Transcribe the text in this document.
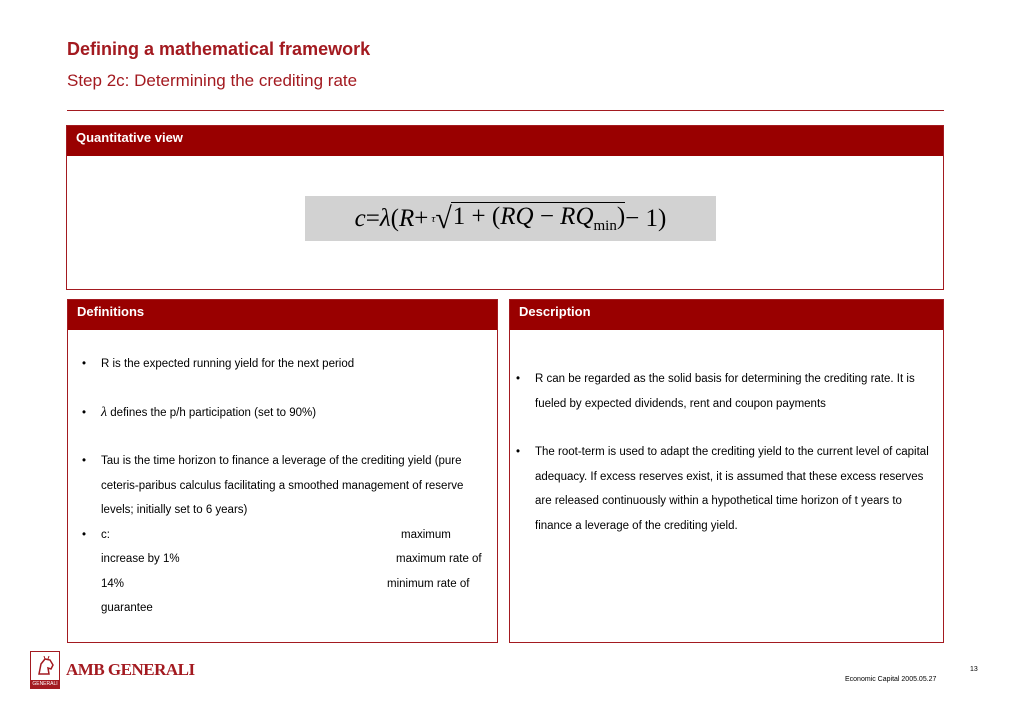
Defining a mathematical framework
Step 2c: Determining the crediting rate
Quantitative view
c = λ ( R + τ √ $1 + (RQ - RQ_{min}) - 1$)
Definitions
• R is the expected running yield for the next period
• λ defines the p/h participation (set to 90%)
• Tau is the time horizon to finance a leverage of the crediting yield (pure ceteris-paribus calculus facilitating a smoothed management of reserve levels; initially set to 6 years)
• c:	maximum
increase by 1%	maximum rate of
14%	minimum rate of
guarantee
Description
• R can be regarded as the solid basis for determining the crediting rate. It is fueled by expected dividends, rent and coupon payments
• The root-term is used to adapt the crediting yield to the current level of capital adequacy. If excess reserves exist, it is assumed that these excess reserves are released continuously within a hypothetical time horizon of t years to finance a leverage of the crediting yield.
GENERALI
AMB GENERALI	13
Economic Capital 2005.05.27
